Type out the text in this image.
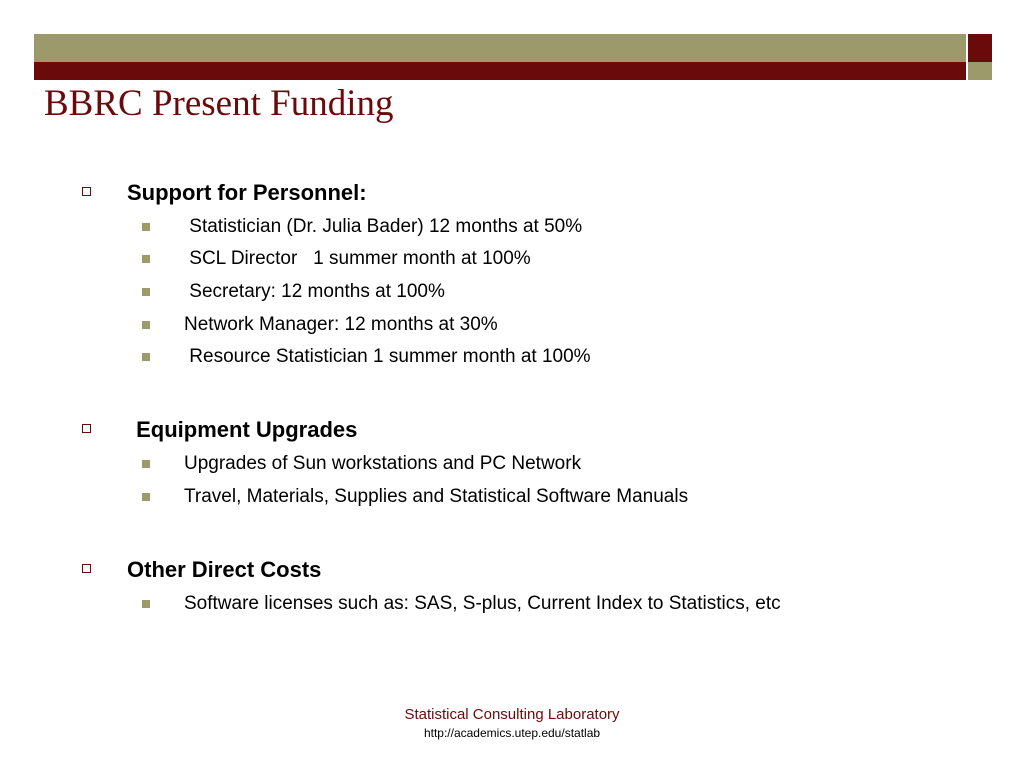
BBRC Present Funding
Support for Personnel:

Statistician (Dr. Julia Bader) 12 months at 50%

SCL Director   1 summer month at 100%

Secretary: 12 months at 100%

Network Manager: 12 months at 30%

Resource Statistician 1 summer month at 100%

Equipment Upgrades

Upgrades of Sun workstations and PC Network

Travel, Materials, Supplies and Statistical Software Manuals

Other Direct Costs

Software licenses such as: SAS, S-plus, Current Index to Statistics, etc

Statistical Consulting Laboratory
http://academics.utep.edu/statlab
